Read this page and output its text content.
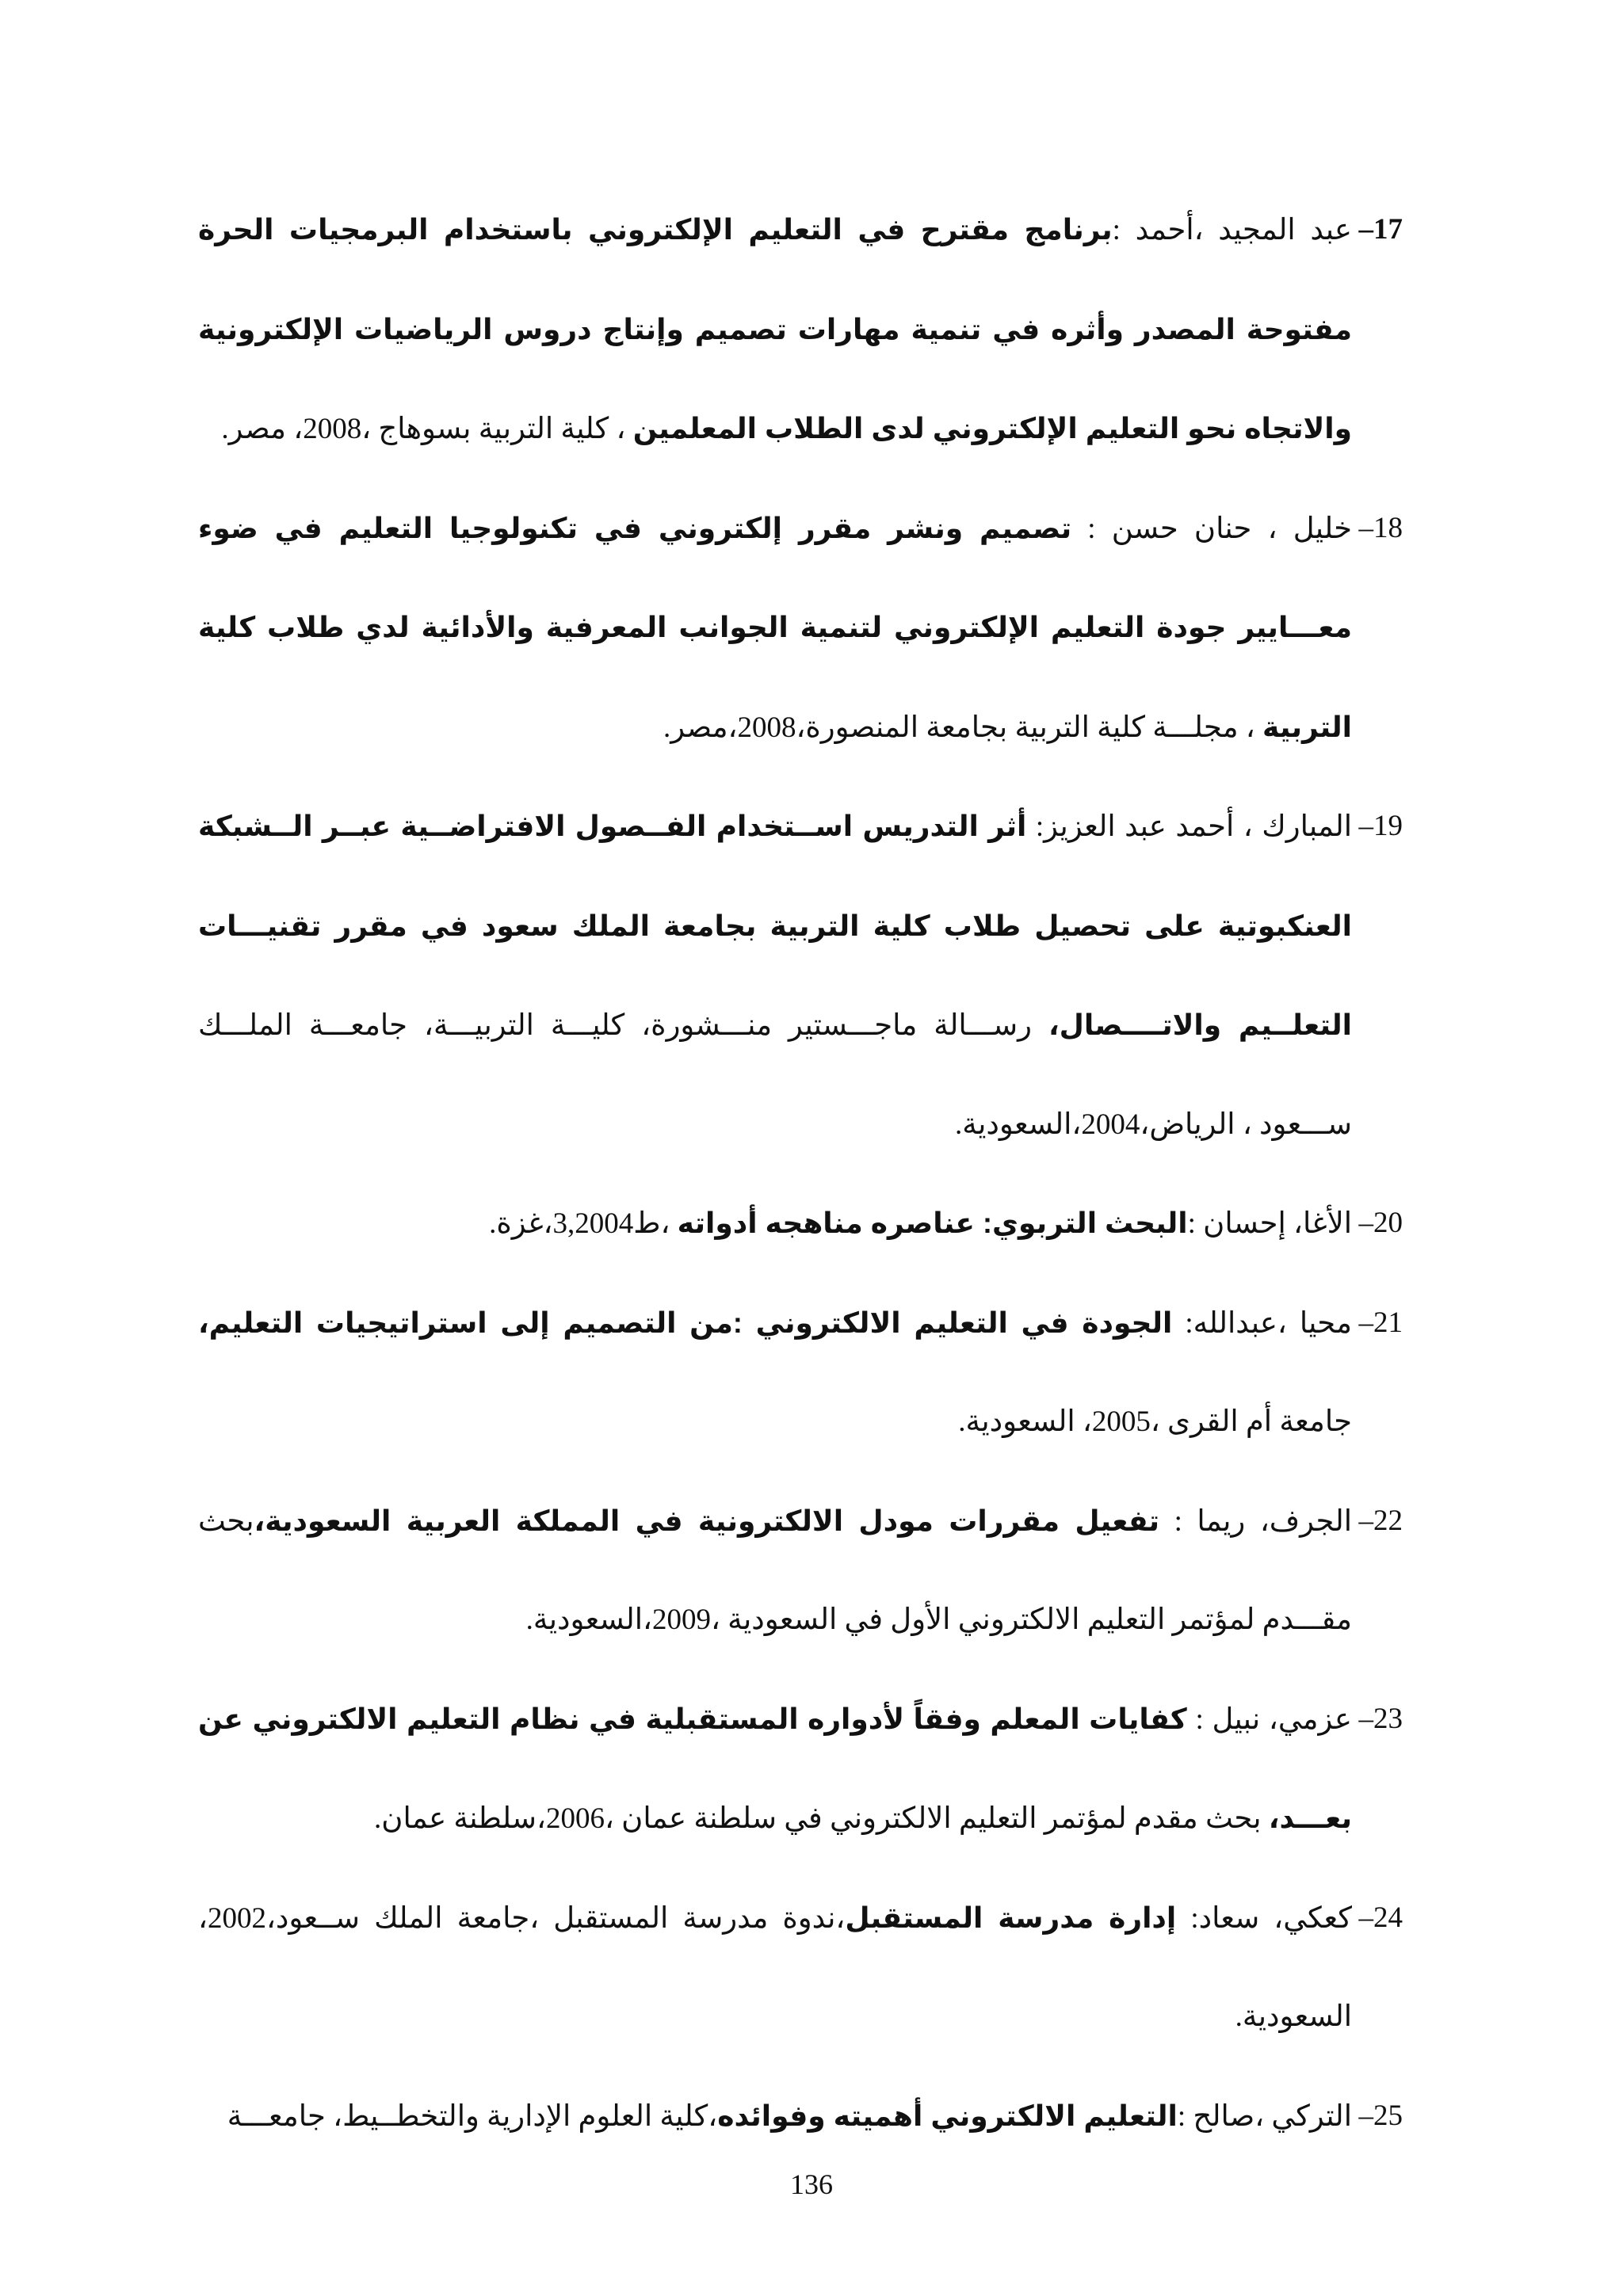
–17
عبد المجيد ،أحمد :برنامج مقترح في التعليم الإلكتروني باستخدام البرمجيات الحرة مفتوحة المصدر وأثره في تنمية مهارات تصميم وإنتاج دروس الرياضيات الإلكترونية والاتجاه نحو التعليم الإلكتروني لدى الطلاب المعلمين ، كلية التربية بسوهاج ،2008، مصر.

–18
خليل ، حنان حسن : تصميم ونشر مقرر إلكتروني في تكنولوجيا التعليم في ضوء معـــايير جودة التعليم الإلكتروني لتنمية الجوانب المعرفية والأدائية لدي طلاب كلية التربية ، مجلـــة كلية التربية بجامعة المنصورة،2008،مصر.

–19
المبارك ، أحمد عبد العزيز: أثر التدريس اســتخدام الفــصول الافتراضــية عبــر الــشبكة العنكبوتية على تحصيل طلاب كلية التربية بجامعة الملك سعود في مقرر تقنيـــات التعلــيم والاتــــصال، رســـالة ماجـــستير منـــشورة، كليـــة التربيـــة، جامعـــة الملـــك ســـعود ، الرياض،2004،السعودية.

–20
الأغا، إحسان :البحث التربوي: عناصره مناهجه أدواته ،ط3,2004،غزة.

–21
محيا ،عبدالله: الجودة في التعليم الالكتروني :من التصميم إلى استراتيجيات التعليم، جامعة أم القرى ،2005، السعودية.

–22
الجرف، ريما : تفعيل مقررات مودل الالكترونية في المملكة العربية السعودية،بحث مقـــدم لمؤتمر التعليم الالكتروني الأول في السعودية ،2009،السعودية.

–23
عزمي، نبيل : كفايات المعلم وفقاً لأدواره المستقبلية في نظام التعليم الالكتروني عن بعـــد، بحث مقدم لمؤتمر التعليم الالكتروني في سلطنة عمان ،2006،سلطنة عمان.

–24
كعكي، سعاد: إدارة مدرسة المستقبل،ندوة مدرسة المستقبل ،جامعة الملك ســعود،2002، السعودية.

–25
التركي ،صالح :التعليم الالكتروني أهميته وفوائده،كلية العلوم الإدارية والتخطــيط، جامعـــة

136
